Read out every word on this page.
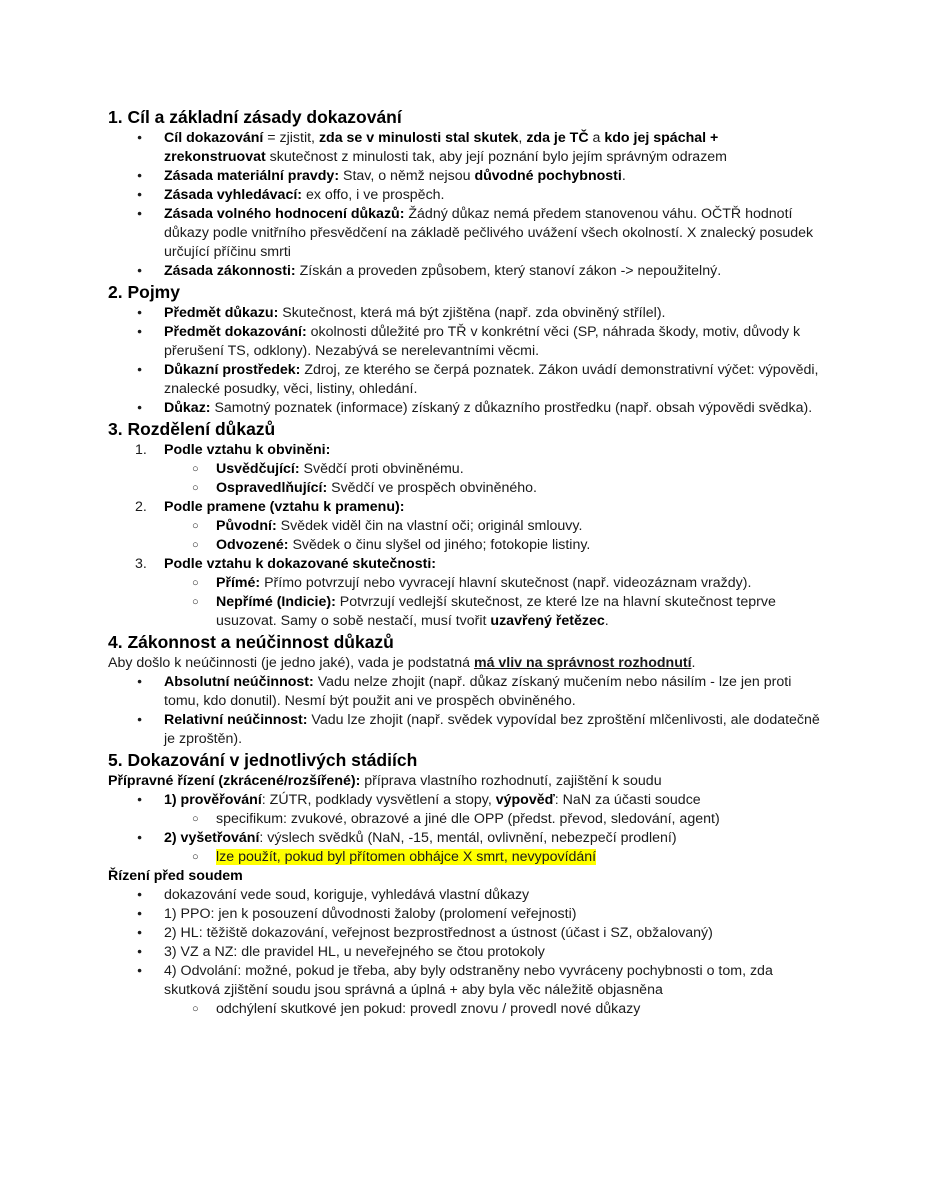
1. Cíl a základní zásady dokazování
●
Cíl dokazování = zjistit, zda se v minulosti stal skutek, zda je TČ a kdo jej spáchal + zrekonstruovat skutečnost z minulosti tak, aby její poznání bylo jejím správným odrazem
●
Zásada materiální pravdy: Stav, o němž nejsou důvodné pochybnosti.
●
Zásada vyhledávací: ex offo, i ve prospěch.
●
Zásada volného hodnocení důkazů: Žádný důkaz nemá předem stanovenou váhu. OČTŘ hodnotí důkazy podle vnitřního přesvědčení na základě pečlivého uvážení všech okolností. X znalecký posudek určující příčinu smrti
●
Zásada zákonnosti: Získán a proveden způsobem, který stanoví zákon -> nepoužitelný.
2. Pojmy
●
Předmět důkazu: Skutečnost, která má být zjištěna (např. zda obviněný střílel).
●
Předmět dokazování: okolnosti důležité pro TŘ v konkrétní věci (SP, náhrada škody, motiv, důvody k přerušení TS, odklony). Nezabývá se nerelevantními věcmi.
●
Důkazní prostředek: Zdroj, ze kterého se čerpá poznatek. Zákon uvádí demonstrativní výčet: výpovědi, znalecké posudky, věci, listiny, ohledání.
●
Důkaz: Samotný poznatek (informace) získaný z důkazního prostředku (např. obsah výpovědi svědka).
3. Rozdělení důkazů
1.	Podle vztahu k obviněni:
○
Usvědčující: Svědčí proti obviněnému.
○
Ospravedlňující: Svědčí ve prospěch obviněného.
2.	Podle pramene (vztahu k pramenu):
○
Původní: Svědek viděl čin na vlastní oči; originál smlouvy.
○
Odvozené: Svědek o činu slyšel od jiného; fotokopie listiny.
3.	Podle vztahu k dokazované skutečnosti:
○
Přímé: Přímo potvrzují nebo vyvracejí hlavní skutečnost (např. videozáznam vraždy).
○
Nepřímé (Indicie): Potvrzují vedlejší skutečnost, ze které lze na hlavní skutečnost teprve usuzovat. Samy o sobě nestačí, musí tvořit uzavřený řetězec.
4. Zákonnost a neúčinnost důkazů

Aby došlo k neúčinnosti (je jedno jaké), vada je podstatná má vliv na správnost rozhodnutí.

●
Absolutní neúčinnost: Vadu nelze zhojit (např. důkaz získaný mučením nebo násilím - lze jen proti tomu, kdo donutil). Nesmí být použit ani ve prospěch obviněného.
●
Relativní neúčinnost: Vadu lze zhojit (např. svědek vypovídal bez zproštění mlčenlivosti, ale dodatečně je zproštěn).
5. Dokazování v jednotlivých stádiích

Přípravné řízení (zkrácené/rozšířené): příprava vlastního rozhodnutí, zajištění k soudu

●
1) prověřování: ZÚTR, podklady vysvětlení a stopy, výpověď: NaN za účasti soudce
○
specifikum: zvukové, obrazové a jiné dle OPP (předst. převod, sledování, agent)
●
2) vyšetřování: výslech svědků (NaN, -15, mentál, ovlivnění, nebezpečí prodlení)
○
lze použít, pokud byl přítomen obhájce X smrt, nevypovídání

Řízení před soudem

●
dokazování vede soud, koriguje, vyhledává vlastní důkazy
●
1) PPO: jen k posouzení důvodnosti žaloby (prolomení veřejnosti)
●
2) HL: těžiště dokazování, veřejnost bezprostřednost a ústnost (účast i SZ, obžalovaný)
●
3) VZ a NZ: dle pravidel HL, u neveřejného se čtou protokoly
●
4) Odvolání: možné, pokud je třeba, aby byly odstraněny nebo vyvráceny pochybnosti o tom, zda skutková zjištění soudu jsou správná a úplná + aby byla věc náležitě objasněna
○
odchýlení skutkové jen pokud: provedl znovu / provedl nové důkazy
